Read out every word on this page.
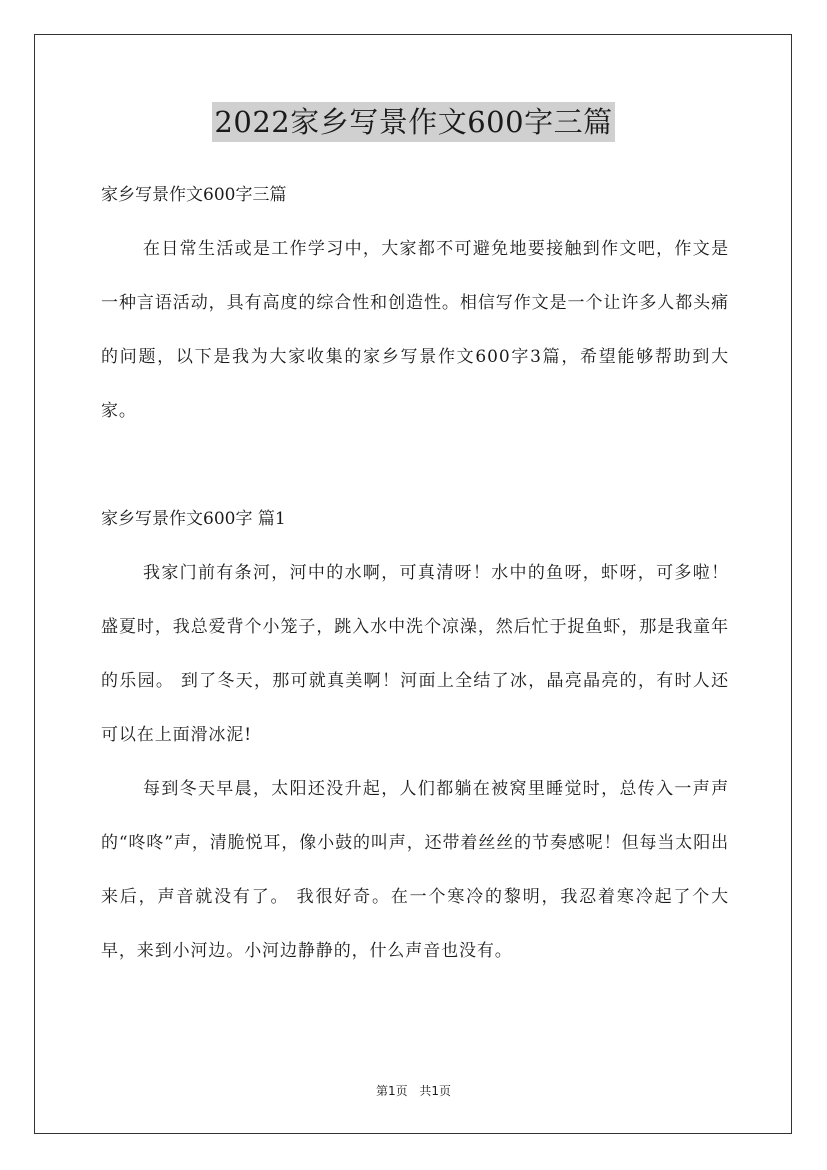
2022家乡写景作文600字三篇

家乡写景作文600字三篇

在日常生活或是工作学习中，大家都不可避免地要接触到作文吧，作文是一种言语活动，具有高度的综合性和创造性。相信写作文是一个让许多人都头痛的问题，以下是我为大家收集的家乡写景作文600字3篇，希望能够帮助到大家。

家乡写景作文600字 篇1

我家门前有条河，河中的水啊，可真清呀！水中的鱼呀，虾呀，可多啦！盛夏时，我总爱背个小笼子，跳入水中洗个凉澡，然后忙于捉鱼虾，那是我童年的乐园。 到了冬天，那可就真美啊！河面上全结了冰，晶亮晶亮的，有时人还可以在上面滑冰泥!

每到冬天早晨，太阳还没升起，人们都躺在被窝里睡觉时，总传入一声声的“咚咚”声，清脆悦耳，像小鼓的叫声，还带着丝丝的节奏感呢！但每当太阳出来后，声音就没有了。 我很好奇。在一个寒冷的黎明，我忍着寒冷起了个大早，来到小河边。小河边静静的，什么声音也没有。

第1页 共1页
